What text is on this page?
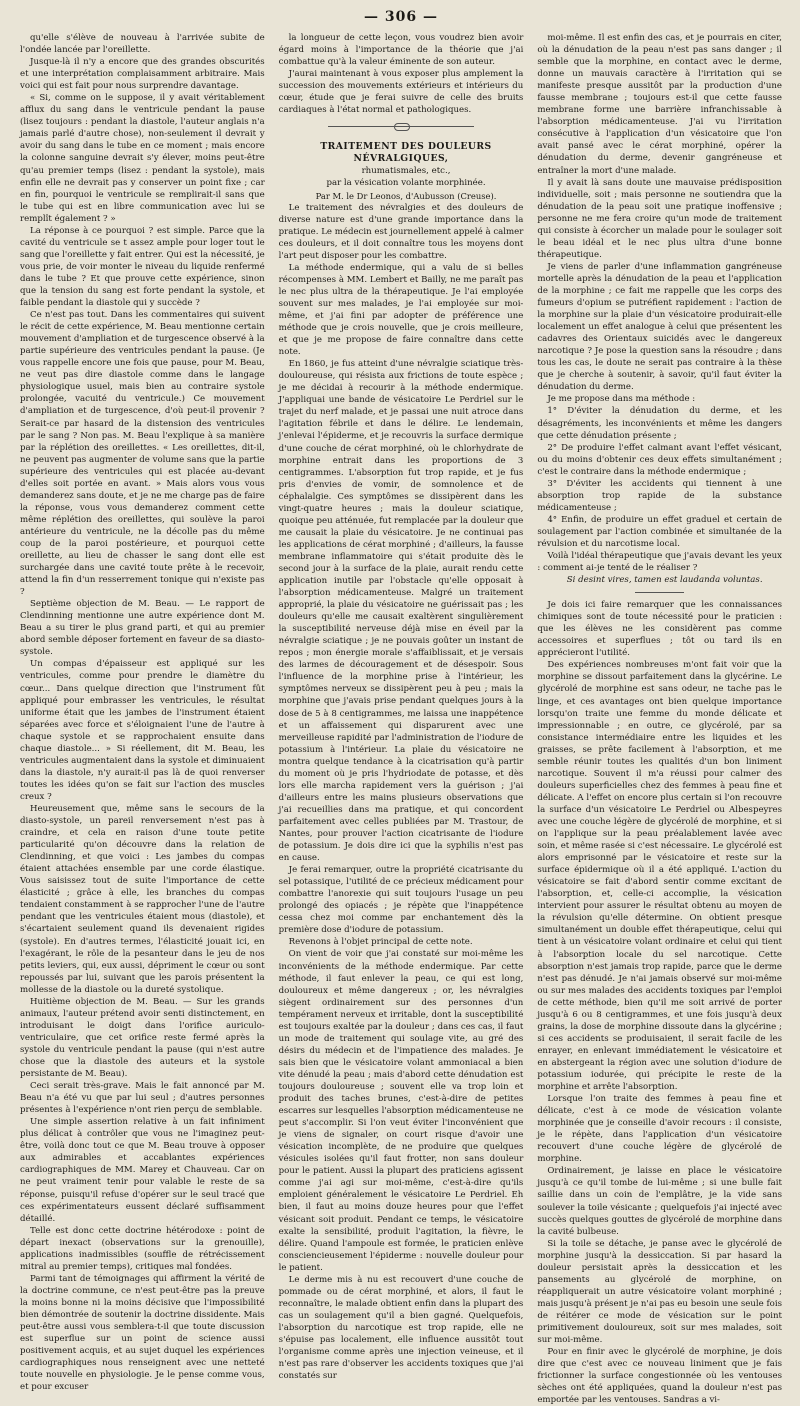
— 306 —

qu'elle s'élève de nouveau à l'arrivée subite de l'ondée lancée par l'oreillette.

Jusque-là il n'y a encore que des grandes obscurités et une interprétation complaisamment arbitraire. Mais voici qui est fait pour nous surprendre davantage.

« Si, comme on le suppose, il y avait véritablement afflux du sang dans le ventricule pendant la pause (lisez toujours : pendant la diastole, l'auteur anglais n'a jamais parlé d'autre chose), non-seulement il devrait y avoir du sang dans le tube en ce moment ; mais encore la colonne sanguine devrait s'y élever, moins peut-être qu'au premier temps (lisez : pendant la systole), mais enfin elle ne devrait pas y conserver un point fixe ; car en fin, pourquoi le ventricule se remplirait-il sans que le tube qui est en libre communication avec lui se remplît également ? »

La réponse à ce pourquoi ? est simple. Parce que la cavité du ventricule se t assez ample pour loger tout le sang que l'oreillette y fait entrer. Qui est la nécessité, je vous prie, de voir monter le niveau du liquide renfermé dans le tube ? Et que prouve cette expérience, sinon que la tension du sang est forte pendant la systole, et faible pendant la diastole qui y succède ?

Ce n'est pas tout. Dans les commentaires qui suivent le récit de cette expérience, M. Beau mentionne certain mouvement d'ampliation et de turgescence observé à la partie supérieure des ventricules pendant la pause. (Je vous rappelle encore une fois que pause, pour M. Beau, ne veut pas dire diastole comme dans le langage physiologique usuel, mais bien au contraire systole prolongée, vacuité du ventricule.) Ce mouvement d'ampliation et de turgescence, d'où peut-il provenir ? Serait-ce par hasard de la distension des ventricules par le sang ? Non pas. M. Beau l'explique à sa manière par la réplétion des oreillettes. « Les oreillettes, dit-il, ne peuvent pas augmenter de volume sans que la partie supérieure des ventricules qui est placée au-devant d'elles soit portée en avant. » Mais alors vous vous demanderez sans doute, et je ne me charge pas de faire la réponse, vous vous demanderez comment cette même réplétion des oreillettes, qui soulève la paroi antérieure du ventricule, ne la décolle pas du même coup de la paroi postérieure, et pourquoi cette oreillette, au lieu de chasser le sang dont elle est surchargée dans une cavité toute prête à le recevoir, attend la fin d'un resserrement tonique qui n'existe pas ?

Septième objection de M. Beau. — Le rapport de Clendinning mentionne une autre expérience dont M. Beau a su tirer le plus grand parti, et qui au premier abord semble déposer fortement en faveur de sa diasto-systole.

Un compas d'épaisseur est appliqué sur les ventricules, comme pour prendre le diamètre du cœur... Dans quelque direction que l'instrument fût appliqué pour embrasser les ventricules, le résultat uniforme était que les jambes de l'instrument étaient séparées avec force et s'éloignaient l'une de l'autre à chaque systole et se rapprochaient ensuite dans chaque diastole... » Si réellement, dit M. Beau, les ventricules augmentaient dans la systole et diminuaient dans la diastole, n'y aurait-il pas là de quoi renverser toutes les idées qu'on se fait sur l'action des muscles creux ?

Heureusement que, même sans le secours de la diasto-systole, un pareil renversement n'est pas à craindre, et cela en raison d'une toute petite particularité qu'on découvre dans la relation de Clendinning, et que voici : Les jambes du compas étaient attachées ensemble par une corde élastique. Vous saisissez tout de suite l'importance de cette élasticité ; grâce à elle, les branches du compas tendaient constamment à se rapprocher l'une de l'autre pendant que les ventricules étaient mous (diastole), et s'écartaient seulement quand ils devenaient rigides (systole). En d'autres termes, l'élasticité jouait ici, en l'exagérant, le rôle de la pesanteur dans le jeu de nos petits leviers, qui, eux aussi, dépriment le cœur ou sont repoussés par lui, suivant que les parois présentent la mollesse de la diastole ou la dureté systolique.

Huitième objection de M. Beau. — Sur les grands animaux, l'auteur prétend avoir senti distinctement, en introduisant le doigt dans l'orifice auriculo-ventriculaire, que cet orifice reste fermé après la systole du ventricule pendant la pause (qui n'est autre chose que la diastole des auteurs et la systole persistante de M. Beau).

Ceci serait très-grave. Mais le fait annoncé par M. Beau n'a été vu que par lui seul ; d'autres personnes présentes à l'expérience n'ont rien perçu de semblable.

Une simple assertion relative à un fait infiniment plus délicat à contrôler que vous ne l'imaginez peut-être, voilà donc tout ce que M. Beau trouve à opposer aux admirables et accablantes expériences cardiographiques de MM. Marey et Chauveau. Car on ne peut vraiment tenir pour valable le reste de sa réponse, puisqu'il refuse d'opérer sur le seul tracé que ces expérimentateurs eussent déclaré suffisamment détaillé.

Telle est donc cette doctrine hétérodoxe : point de départ inexact (observations sur la grenouille), applications inadmissibles (souffle de rétrécissement mitral au premier temps), critiques mal fondées.

Parmi tant de témoignages qui affirment la vérité de la doctrine commune, ce n'est peut-être pas la preuve la moins bonne ni la moins décisive que l'impossibilité bien démontrée de soutenir la doctrine dissidente. Mais peut-être aussi vous semblera-t-il que toute discussion est superflue sur un point de science aussi positivement acquis, et au sujet duquel les expériences cardiographiques nous renseignent avec une netteté toute nouvelle en physiologie. Je le pense comme vous, et pour excuser

la longueur de cette leçon, vous voudrez bien avoir égard moins à l'importance de la théorie que j'ai combattue qu'à la valeur éminente de son auteur.

J'aurai maintenant à vous exposer plus amplement la succession des mouvements extérieurs et intérieurs du cœur, étude que je ferai suivre de celle des bruits cardiaques à l'état normal et pathologiques.

TRAITEMENT DES DOULEURS NÉVRALGIQUES,

rhumatismales, etc.,

par la vésication volante morphinée.

Par M. le Dr Leonos, d'Aubusson (Creuse).

Le traitement des névralgies et des douleurs de diverse nature est d'une grande importance dans la pratique. Le médecin est journellement appelé à calmer ces douleurs, et il doit connaître tous les moyens dont l'art peut disposer pour les combattre.

La méthode endermique, qui a valu de si belles récompenses à MM. Lembert et Bailly, ne me paraît pas le nec plus ultra de la thérapeutique. Je l'ai employée souvent sur mes malades, je l'ai employée sur moi-même, et j'ai fini par adopter de préférence une méthode que je crois nouvelle, que je crois meilleure, et que je me propose de faire connaître dans cette note.

En 1860, je fus atteint d'une névralgie sciatique très-douloureuse, qui résista aux frictions de toute espèce ; je me décidai à recourir à la méthode endermique. J'appliquai une bande de vésicatoire Le Perdriel sur le trajet du nerf malade, et je passai une nuit atroce dans l'agitation fébrile et dans le délire. Le lendemain, j'enlevai l'épiderme, et je recouvris la surface dermique d'une couche de cérat morphiné, où le chlorhydrate de morphine entrait dans les proportions de 3 centigrammes. L'absorption fut trop rapide, et je fus pris d'envies de vomir, de somnolence et de céphalalgie. Ces symptômes se dissipèrent dans les vingt-quatre heures ; mais la douleur sciatique, quoique peu atténuée, fut remplacée par la douleur que me causait la plaie du vésicatoire. Je ne continuai pas les applications de cérat morphiné ; d'ailleurs, la fausse membrane inflammatoire qui s'était produite dès le second jour à la surface de la plaie, aurait rendu cette application inutile par l'obstacle qu'elle opposait à l'absorption médicamenteuse. Malgré un traitement approprié, la plaie du vésicatoire ne guérissait pas ; les douleurs qu'elle me causait exaltèrent singulièrement la susceptibilité nerveuse déjà mise en éveil par la névralgie sciatique ; je ne pouvais goûter un instant de repos ; mon énergie morale s'affaiblissait, et je versais des larmes de découragement et de désespoir. Sous l'influence de la morphine prise à l'intérieur, les symptômes nerveux se dissipèrent peu à peu ; mais la morphine que j'avais prise pendant quelques jours à la dose de 5 à 8 centigrammes, me laissa une inappétence et un affaissement qui disparurent avec une merveilleuse rapidité par l'administration de l'iodure de potassium à l'intérieur. La plaie du vésicatoire ne montra quelque tendance à la cicatrisation qu'à partir du moment où je pris l'hydriodate de potasse, et dès lors elle marcha rapidement vers la guérison ; j'ai d'ailleurs entre les mains plusieurs observations que j'ai recueillies dans ma pratique, et qui concordent parfaitement avec celles publiées par M. Trastour, de Nantes, pour prouver l'action cicatrisante de l'iodure de potassium. Je dois dire ici que la syphilis n'est pas en cause.

Je ferai remarquer, outre la propriété cicatrisante du sel potassique, l'utilité de ce précieux médicament pour combattre l'anorexie qui suit toujours l'usage un peu prolongé des opiacés ; je répète que l'inappétence cessa chez moi comme par enchantement dès la première dose d'iodure de potassium.

Revenons à l'objet principal de cette note.

On vient de voir que j'ai constaté sur moi-même les inconvénients de la méthode endermique. Par cette méthode, il faut enlever la peau, ce qui est long, douloureux et même dangereux ; or, les névralgies siègent ordinairement sur des personnes d'un tempérament nerveux et irritable, dont la susceptibilité est toujours exaltée par la douleur ; dans ces cas, il faut un mode de traitement qui soulage vite, au gré des désirs du médecin et de l'impatience des malades. Je sais bien que le vésicatoire volant ammoniacal a bien vite dénudé la peau ; mais d'abord cette dénudation est toujours douloureuse ; souvent elle va trop loin et produit des taches brunes, c'est-à-dire de petites escarres sur lesquelles l'absorption médicamenteuse ne peut s'accomplir. Si l'on veut éviter l'inconvénient que je viens de signaler, on court risque d'avoir une vésication incomplète, de ne produire que quelques vésicules isolées qu'il faut frotter, non sans douleur pour le patient. Aussi la plupart des praticiens agissent comme j'ai agi sur moi-même, c'est-à-dire qu'ils emploient généralement le vésicatoire Le Perdriel. Eh bien, il faut au moins douze heures pour que l'effet vésicant soit produit. Pendant ce temps, le vésicatoire exalte la sensibilité, produit l'agitation, la fièvre, le délire. Quand l'ampoule est formée, le praticien enlève consciencieusement l'épiderme : nouvelle douleur pour le patient.

Le derme mis à nu est recouvert d'une couche de pommade ou de cérat morphiné, et alors, il faut le reconnaître, le malade obtient enfin dans la plupart des cas un soulagement qu'il a bien gagné. Quelquefois, l'absorption du narcotique est trop rapide, elle ne s'épuise pas localement, elle influence aussitôt tout l'organisme comme après une injection veineuse, et il n'est pas rare d'observer les accidents toxiques que j'ai constatés sur

moi-même. Il est enfin des cas, et je pourrais en citer, où la dénudation de la peau n'est pas sans danger ; il semble que la morphine, en contact avec le derme, donne un mauvais caractère à l'irritation qui se manifeste presque aussitôt par la production d'une fausse membrane ; toujours est-il que cette fausse membrane forme une barrière infranchissable à l'absorption médicamenteuse. J'ai vu l'irritation consécutive à l'application d'un vésicatoire que l'on avait pansé avec le cérat morphiné, opérer la dénudation du derme, devenir gangréneuse et entraîner la mort d'une malade.

Il y avait là sans doute une mauvaise prédisposition individuelle, soit ; mais personne ne soutiendra que la dénudation de la peau soit une pratique inoffensive ; personne ne me fera croire qu'un mode de traitement qui consiste à écorcher un malade pour le soulager soit le beau idéal et le nec plus ultra d'une bonne thérapeutique.

Je viens de parler d'une inflammation gangréneuse mortelle après la dénudation de la peau et l'application de la morphine ; ce fait me rappelle que les corps des fumeurs d'opium se putréfient rapidement : l'action de la morphine sur la plaie d'un vésicatoire produirait-elle localement un effet analogue à celui que présentent les cadavres des Orientaux suicidés avec le dangereux narcotique ? Je pose la question sans la résoudre ; dans tous les cas, le doute ne serait pas contraire à la thèse que je cherche à soutenir, à savoir, qu'il faut éviter la dénudation du derme.

Je me propose dans ma méthode :

1° D'éviter la dénudation du derme, et les désagréments, les inconvénients et même les dangers que cette dénudation présente ;

2° De produire l'effet calmant avant l'effet vésicant, ou du moins d'obtenir ces deux effets simultanément ; c'est le contraire dans la méthode endermique ;

3° D'éviter les accidents qui tiennent à une absorption trop rapide de la substance médicamenteuse ;

4° Enfin, de produire un effet graduel et certain de soulagement par l'action combinée et simultanée de la révulsion et du narcotisme local.

Voilà l'idéal thérapeutique que j'avais devant les yeux : comment ai-je tenté de le réaliser ?

Si desint vires, tamen est laudanda voluntas.

Je dois ici faire remarquer que les connaissances chimiques sont de toute nécessité pour le praticien : que les élèves ne les considèrent pas comme accessoires et superflues ; tôt ou tard ils en apprécieront l'utilité.

Des expériences nombreuses m'ont fait voir que la morphine se dissout parfaitement dans la glycérine. Le glycérolé de morphine est sans odeur, ne tache pas le linge, et ces avantages ont bien quelque importance lorsqu'on traite une femme du monde délicate et impressionnable ; en outre, ce glycérolé, par sa consistance intermédiaire entre les liquides et les graisses, se prête facilement à l'absorption, et me semble réunir toutes les qualités d'un bon liniment narcotique. Souvent il m'a réussi pour calmer des douleurs superficielles chez des femmes à peau fine et délicate. A l'effet on encore plus certain si l'on recouvre la surface d'un vésicatoire Le Perdriel ou Albespeyres avec une couche légère de glycérolé de morphine, et si on l'applique sur la peau préalablement lavée avec soin, et même rasée si c'est nécessaire. Le glycérolé est alors emprisonné par le vésicatoire et reste sur la surface épidermique où il a été appliqué. L'action du vésicatoire se fait d'abord sentir comme excitant de l'absorption, et, celle-ci accomplie, la vésication intervient pour assurer le résultat obtenu au moyen de la révulsion qu'elle détermine. On obtient presque simultanément un double effet thérapeutique, celui qui tient à un vésicatoire volant ordinaire et celui qui tient à l'absorption locale du sel narcotique. Cette absorption n'est jamais trop rapide, parce que le derme n'est pas dénudé. Je n'ai jamais observé sur moi-même ou sur mes malades des accidents toxiques par l'emploi de cette méthode, bien qu'il me soit arrivé de porter jusqu'à 6 ou 8 centigrammes, et une fois jusqu'à deux grains, la dose de morphine dissoute dans la glycérine ; si ces accidents se produisaient, il serait facile de les enrayer, en enlevant immédiatement le vésicatoire et en abstergeant la région avec une solution d'iodure de potassium iodurée, qui précipite le reste de la morphine et arrête l'absorption.

Lorsque l'on traite des femmes à peau fine et délicate, c'est à ce mode de vésication volante morphinée que je conseille d'avoir recours : il consiste, je le répète, dans l'application d'un vésicatoire recouvert d'une couche légère de glycérolé de morphine.

Ordinairement, je laisse en place le vésicatoire jusqu'à ce qu'il tombe de lui-même ; si une bulle fait saillie dans un coin de l'emplâtre, je la vide sans soulever la toile vésicante ; quelquefois j'ai injecté avec succès quelques gouttes de glycérolé de morphine dans la cavité bulbeuse.

Si la toile se détache, je panse avec le glycérolé de morphine jusqu'à la dessiccation. Si par hasard la douleur persistait après la dessiccation et les pansements au glycérolé de morphine, on réappliquerait un autre vésicatoire volant morphiné ; mais jusqu'à présent je n'ai pas eu besoin une seule fois de réitérer ce mode de vésication sur le point primitivement douloureux, soit sur mes malades, soit sur moi-même.

Pour en finir avec le glycérolé de morphine, je dois dire que c'est avec ce nouveau liniment que je fais frictionner la surface congestionnée où les ventouses sèches ont été appliquées, quand la douleur n'est pas emportée par les ventouses. Sandras a vi-
